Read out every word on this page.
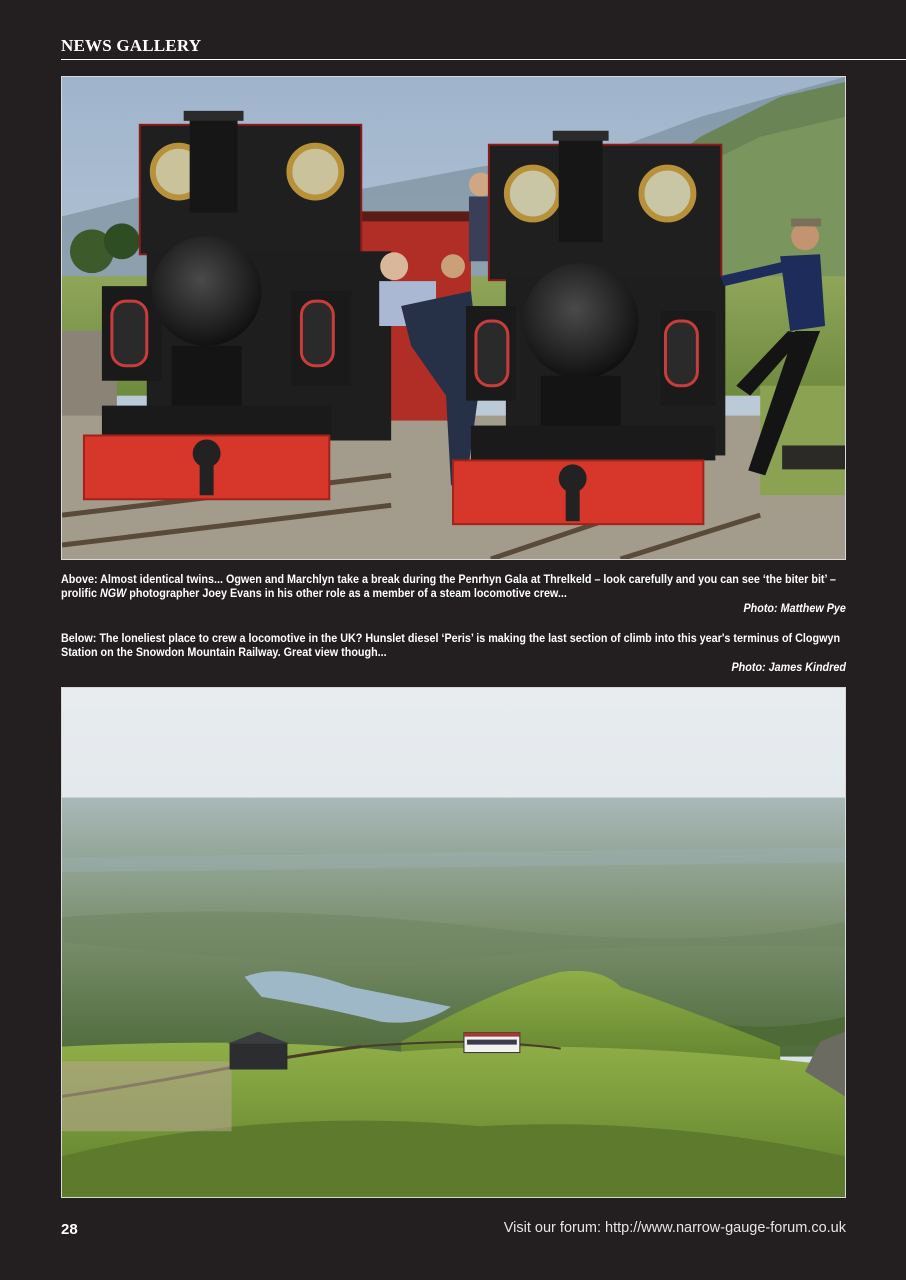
NEWS GALLERY
Above: Almost identical twins... Ogwen and Marchlyn take a break during the Penrhyn Gala at Threlkeld – look carefully and you can see ‘the biter bit’ – prolific NGW photographer Joey Evans in his other role as a member of a steam locomotive crew...
Photo: Matthew Pye
Below: The loneliest place to crew a locomotive in the UK? Hunslet diesel ‘Peris’ is making the last section of climb into this year's terminus of Clogwyn Station on the Snowdon Mountain Railway. Great view though...
Photo: James Kindred
28	Visit our forum: http://www.narrow-gauge-forum.co.uk
